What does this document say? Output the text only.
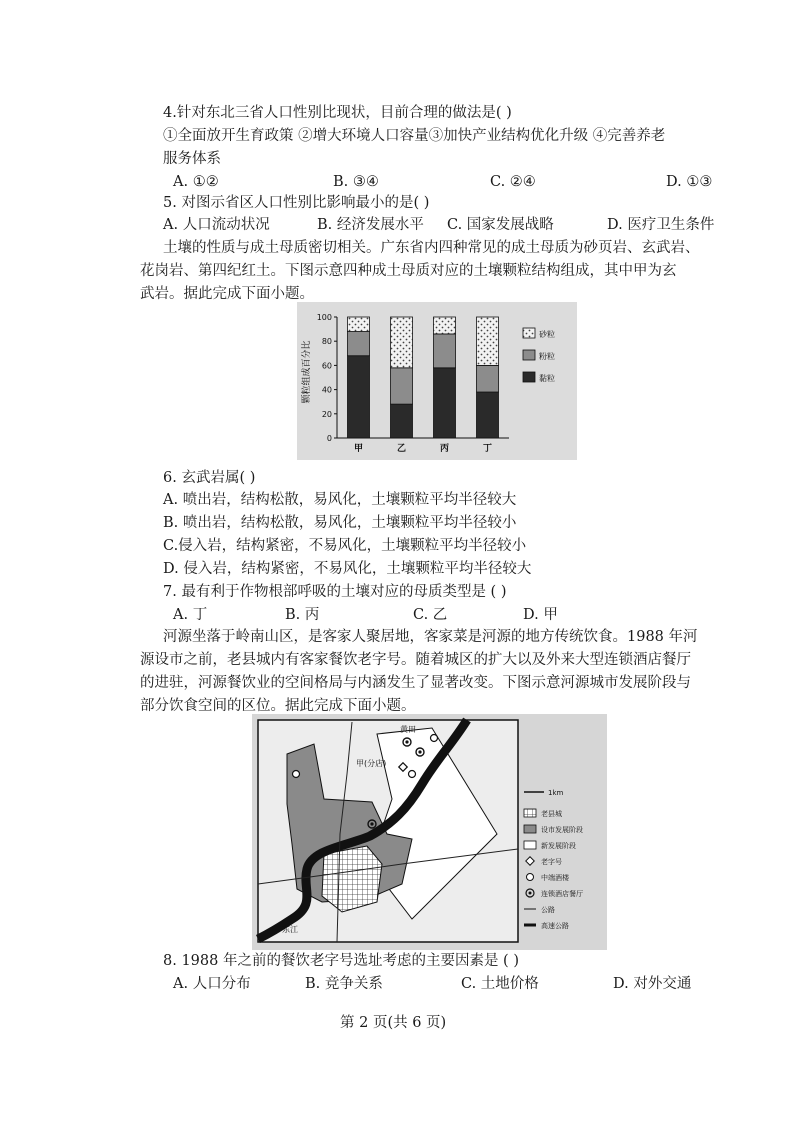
4.针对东北三省人口性别比现状，目前合理的做法是( )
①全面放开生育政策 ②增大环境人口容量③加快产业结构优化升级 ④完善养老
服务体系
A. ①②	B. ③④	C. ②④	D. ①③
5. 对图示省区人口性别比影响最小的是( )
A. 人口流动状况	B. 经济发展水平 C. 国家发展战略	D. 医疗卫生条件
土壤的性质与成土母质密切相关。广东省内四种常见的成土母质为砂页岩、玄武岩、
花岗岩、第四纪红土。下图示意四种成土母质对应的土壤颗粒结构组成，其中甲为玄
武岩。据此完成下面小题。
颗粒组成百分比
0
20
40
60
80
100
甲	乙	丙	丁
砂粒
粉粒
黏粒
6. 玄武岩属( )
A. 喷出岩，结构松散，易风化，土壤颗粒平均半径较大
B. 喷出岩，结构松散，易风化，土壤颗粒平均半径较小
C.侵入岩，结构紧密，不易风化，土壤颗粒平均半径较小
D. 侵入岩，结构紧密，不易风化，土壤颗粒平均半径较大
7. 最有利于作物根部呼吸的土壤对应的母质类型是 ( )
A. 丁	B. 丙	C. 乙	D. 甲
河源坐落于岭南山区，是客家人聚居地，客家菜是河源的地方传统饮食。1988 年河
源设市之前，老县城内有客家餐饮老字号。随着城区的扩大以及外来大型连锁酒店餐厅
的进驻，河源餐饮业的空间格局与内涵发生了显著改变。下图示意河源城市发展阶段与
部分饮食空间的区位。据此完成下面小题。
黄田
甲(分店)
东江
1km
老县城
设市发展阶段
新发展阶段
老字号
中端酒楼
连锁酒店餐厅
公路
高速公路
8. 1988 年之前的餐饮老字号选址考虑的主要因素是 ( )
A. 人口分布	B. 竞争关系	C. 土地价格	D. 对外交通
第 2 页(共 6 页)
